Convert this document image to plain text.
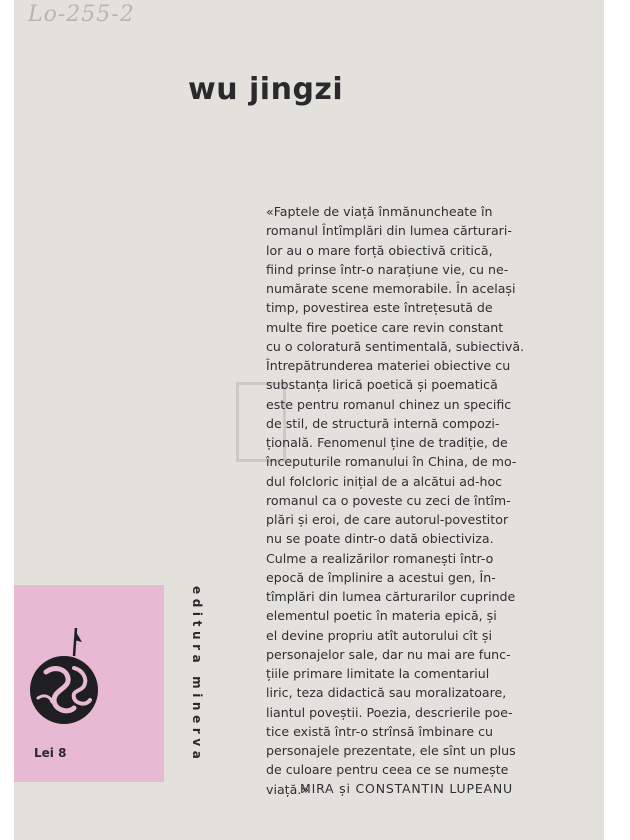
Lo-255-2
wu jingzi

«Faptele de viață înmănuncheate în
romanul Întîmplări din lumea cărturari-
lor au o mare forță obiectivă critică,
fiind prinse într-o narațiune vie, cu ne-
numărate scene memorabile. În același
timp, povestirea este întrețesută de
multe fire poetice care revin constant
cu o coloratură sentimentală, subiectivă.
Întrepătrunderea materiei obiective cu
substanța lirică poetică și poematică
este pentru romanul chinez un specific
de stil, de structură internă compozi-
țională. Fenomenul ține de tradiție, de
începuturile romanului în China, de mo-
dul folcloric inițial de a alcătui ad-hoc
romanul ca o poveste cu zeci de întîm-
plări și eroi, de care autorul-povestitor
nu se poate dintr-o dată obiectiviza.

Culme a realizărilor romanești într-o
epocă de împlinire a acestui gen, În-
tîmplări din lumea cărturarilor cuprinde
elementul poetic în materia epică, și
el devine propriu atît autorului cît și
personajelor sale, dar nu mai are func-
țiile primare limitate la comentariul
liric, teza didactică sau moralizatoare,
liantul poveștii. Poezia, descrierile poe-
tice există într-o strînsă îmbinare cu
personajele prezentate, ele sînt un plus
de culoare pentru ceea ce se numește
viață.»

MIRA și CONSTANTIN LUPEANU
Lei 8	editura minerva
